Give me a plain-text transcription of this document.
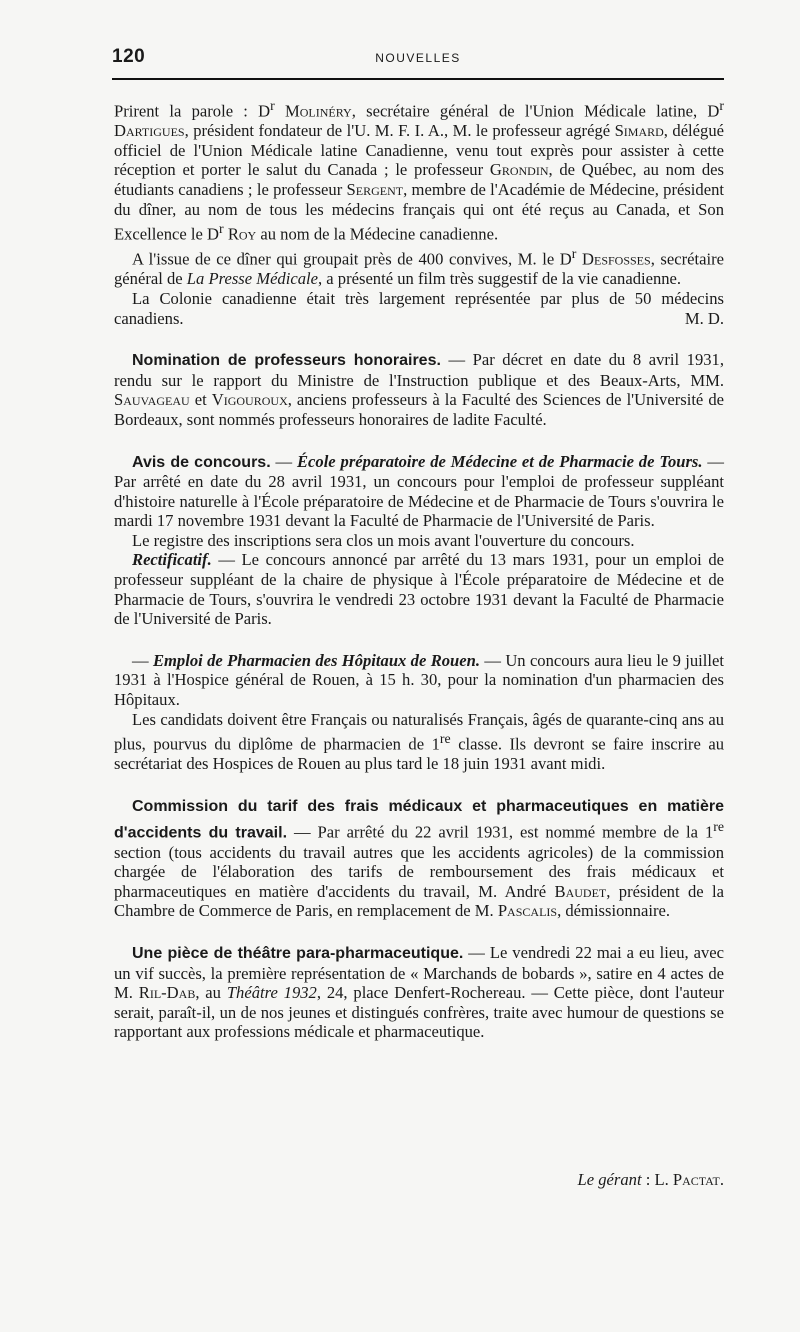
120	NOUVELLES

Prirent la parole : $D^r$ Molinéry, secrétaire général de l'Union Médicale latine, $D^r$ Dartigues, président fondateur de l'U. M. F. I. A., M. le professeur agrégé Simard, délégué officiel de l'Union Médicale latine Canadienne, venu tout exprès pour assister à cette réception et porter le salut du Canada ; le professeur Grondin, de Québec, au nom des étudiants canadiens ; le professeur Sergent, membre de l'Académie de Médecine, président du dîner, au nom de tous les médecins français qui ont été reçus au Canada, et Son Excellence le $D^r$ Roy au nom de la Médecine canadienne.

A l'issue de ce dîner qui groupait près de 400 convives, M. le $D^r$ Desfosses, secrétaire général de La Presse Médicale, a présenté un film très suggestif de la vie canadienne.

La Colonie canadienne était très largement représentée par plus de 50 médecins canadiens.	M. D.

Nomination de professeurs honoraires. — Par décret en date du 8 avril 1931, rendu sur le rapport du Ministre de l'Instruction publique et des Beaux-Arts, MM. Sauvageau et Vigouroux, anciens professeurs à la Faculté des Sciences de l'Université de Bordeaux, sont nommés professeurs honoraires de ladite Faculté.

Avis de concours. — École préparatoire de Médecine et de Pharmacie de Tours. — Par arrêté en date du 28 avril 1931, un concours pour l'emploi de professeur suppléant d'histoire naturelle à l'École préparatoire de Médecine et de Pharmacie de Tours s'ouvrira le mardi 17 novembre 1931 devant la Faculté de Pharmacie de l'Université de Paris.

Le registre des inscriptions sera clos un mois avant l'ouverture du concours.

Rectificatif. — Le concours annoncé par arrêté du 13 mars 1931, pour un emploi de professeur suppléant de la chaire de physique à l'École préparatoire de Médecine et de Pharmacie de Tours, s'ouvrira le vendredi 23 octobre 1931 devant la Faculté de Pharmacie de l'Université de Paris.

— Emploi de Pharmacien des Hôpitaux de Rouen. — Un concours aura lieu le 9 juillet 1931 à l'Hospice général de Rouen, à 15 h. 30, pour la nomination d'un pharmacien des Hôpitaux.

Les candidats doivent être Français ou naturalisés Français, âgés de quarante-cinq ans au plus, pourvus du diplôme de pharmacien de 1re classe. Ils devront se faire inscrire au secrétariat des Hospices de Rouen au plus tard le 18 juin 1931 avant midi.

Commission du tarif des frais médicaux et pharmaceutiques en matière d'accidents du travail. — Par arrêté du 22 avril 1931, est nommé membre de la 1re section (tous accidents du travail autres que les accidents agricoles) de la commission chargée de l'élaboration des tarifs de remboursement des frais médicaux et pharmaceutiques en matière d'accidents du travail, M. André Baudet, président de la Chambre de Commerce de Paris, en remplacement de M. Pascalis, démissionnaire.

Une pièce de théâtre para-pharmaceutique. — Le vendredi 22 mai a eu lieu, avec un vif succès, la première représentation de « Marchands de bobards », satire en 4 actes de M. Ril-Dab, au Théâtre 1932, 24, place Denfert-Rochereau. — Cette pièce, dont l'auteur serait, paraît-il, un de nos jeunes et distingués confrères, traite avec humour de questions se rapportant aux professions médicale et pharmaceutique.

Le gérant : L. Pactat.
